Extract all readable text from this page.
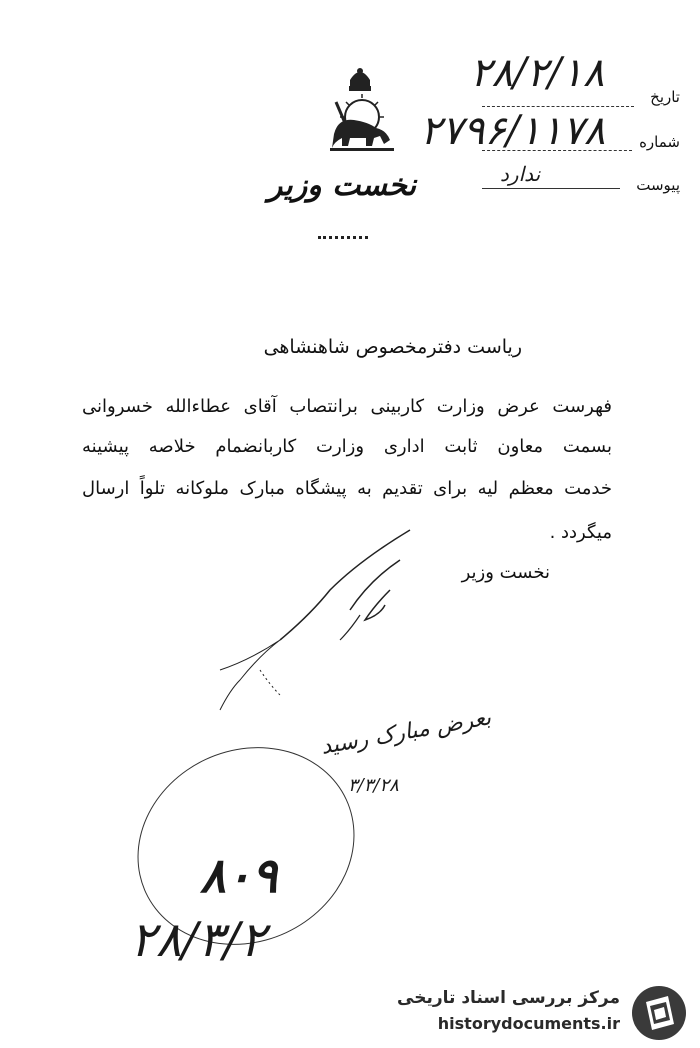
نخست وزیر
تاریخ
۲۸/۲/۱۸
شماره
۲۷۹۶/۱۱۷۸
پیوست
ندارد
ریاست دفترمخصوص شاهنشاهی
فهرست عرض وزارت کاربینی برانتصاب آقای عطاءالله خسروانی
بسمت معاون ثابت اداری وزارت کاربانضمام خلاصه پیشینه
خدمت معظم لیه برای تقدیم به پیشگاه مبارک ملوکانه تلواً ارسال
میگردد .
نخست وزیر
بعرض مبارک رسید
۳/۳/۲۸
۸۰۹
۲۸/۳/۲
مرکز بررسی اسناد تاریخی
historydocuments.ir
